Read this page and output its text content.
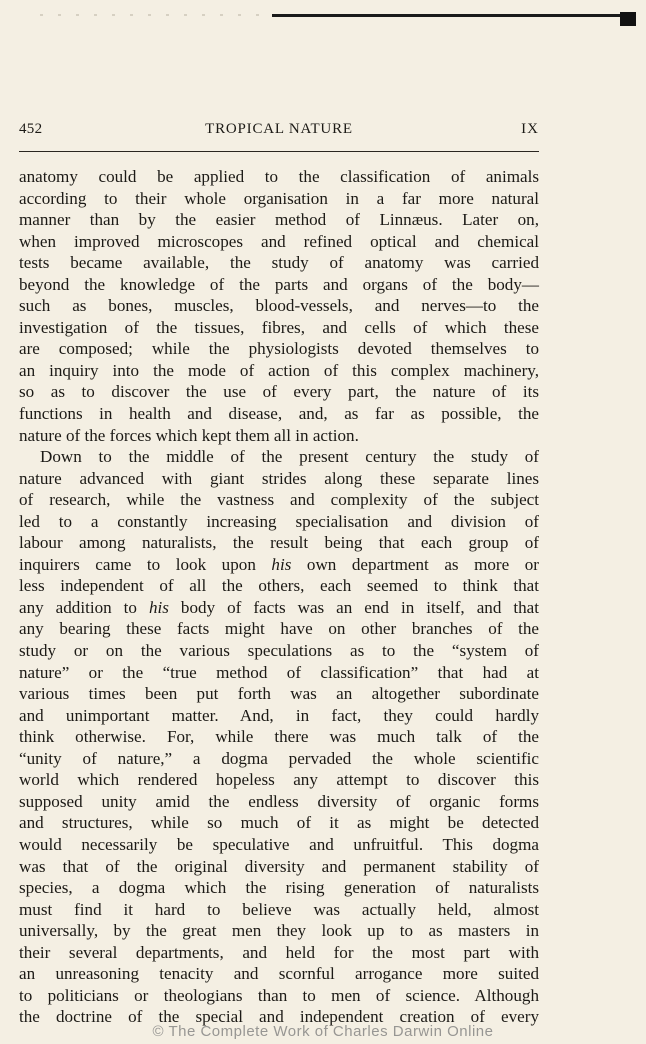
452	TROPICAL NATURE	IX
anatomy could be applied to the classification of animals
according to their whole organisation in a far more natural
manner than by the easier method of Linnæus. Later on,
when improved microscopes and refined optical and chemical
tests became available, the study of anatomy was carried
beyond the knowledge of the parts and organs of the body—
such as bones, muscles, blood-vessels, and nerves—to the
investigation of the tissues, fibres, and cells of which these
are composed; while the physiologists devoted themselves to
an inquiry into the mode of action of this complex machinery,
so as to discover the use of every part, the nature of its
functions in health and disease, and, as far as possible, the
nature of the forces which kept them all in action.
Down to the middle of the present century the study of
nature advanced with giant strides along these separate lines
of research, while the vastness and complexity of the subject
led to a constantly increasing specialisation and division of
labour among naturalists, the result being that each group of
inquirers came to look upon his own department as more or
less independent of all the others, each seemed to think that
any addition to his body of facts was an end in itself, and that
any bearing these facts might have on other branches of the
study or on the various speculations as to the “system of
nature” or the “true method of classification” that had at
various times been put forth was an altogether subordinate
and unimportant matter. And, in fact, they could hardly
think otherwise. For, while there was much talk of the
“unity of nature,” a dogma pervaded the whole scientific
world which rendered hopeless any attempt to discover this
supposed unity amid the endless diversity of organic forms
and structures, while so much of it as might be detected
would necessarily be speculative and unfruitful. This dogma
was that of the original diversity and permanent stability of
species, a dogma which the rising generation of naturalists
must find it hard to believe was actually held, almost
universally, by the great men they look up to as masters in
their several departments, and held for the most part with
an unreasoning tenacity and scornful arrogance more suited
to politicians or theologians than to men of science. Although
the doctrine of the special and independent creation of every
© The Complete Work of Charles Darwin Online
